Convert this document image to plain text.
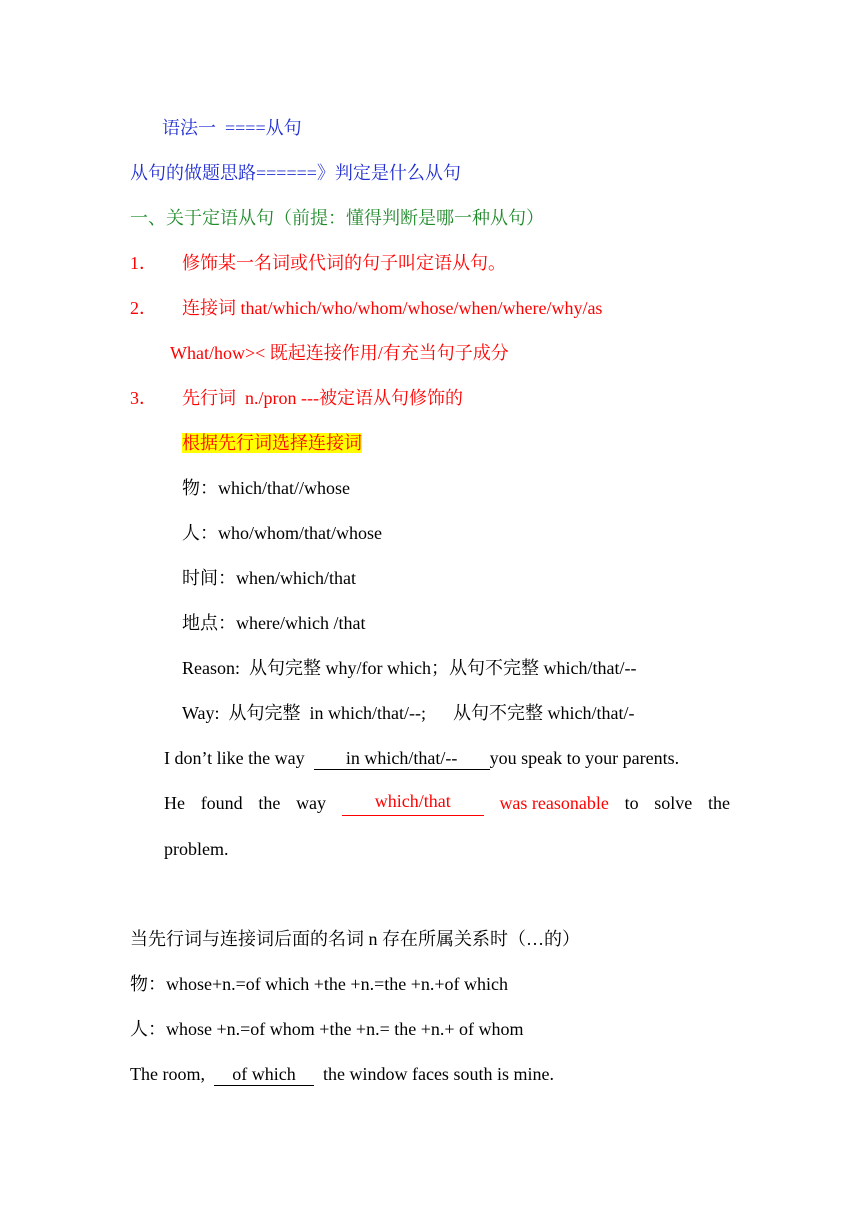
语法一  ====从句
从句的做题思路======》判定是什么从句
一、关于定语从句（前提：懂得判断是哪一种从句）
1． 修饰某一名词或代词的句子叫定语从句。
2． 连接词 that/which/who/whom/whose/when/where/why/as
What/how>< 既起连接作用/有充当句子成分
3． 先行词  n./pron ---被定语从句修饰的
根据先行词选择连接词
物：which/that//whose
人：who/whom/that/whose
时间：when/which/that
地点：where/which /that
Reason:  从句完整 why/for which；从句不完整 which/that/--
Way:  从句完整  in which/that/--;      从句不完整 which/that/-
I don’t like the way  in which/that/-- you speak to your parents.
He found the way	which/that	was reasonable to solve the
problem.
当先行词与连接词后面的名词 n 存在所属关系时（…的）
物：whose+n.=of which +the +n.=the +n.+of which
人：whose +n.=of whom +the +n.= the +n.+ of whom
The room,  of which  the window faces south is mine.
